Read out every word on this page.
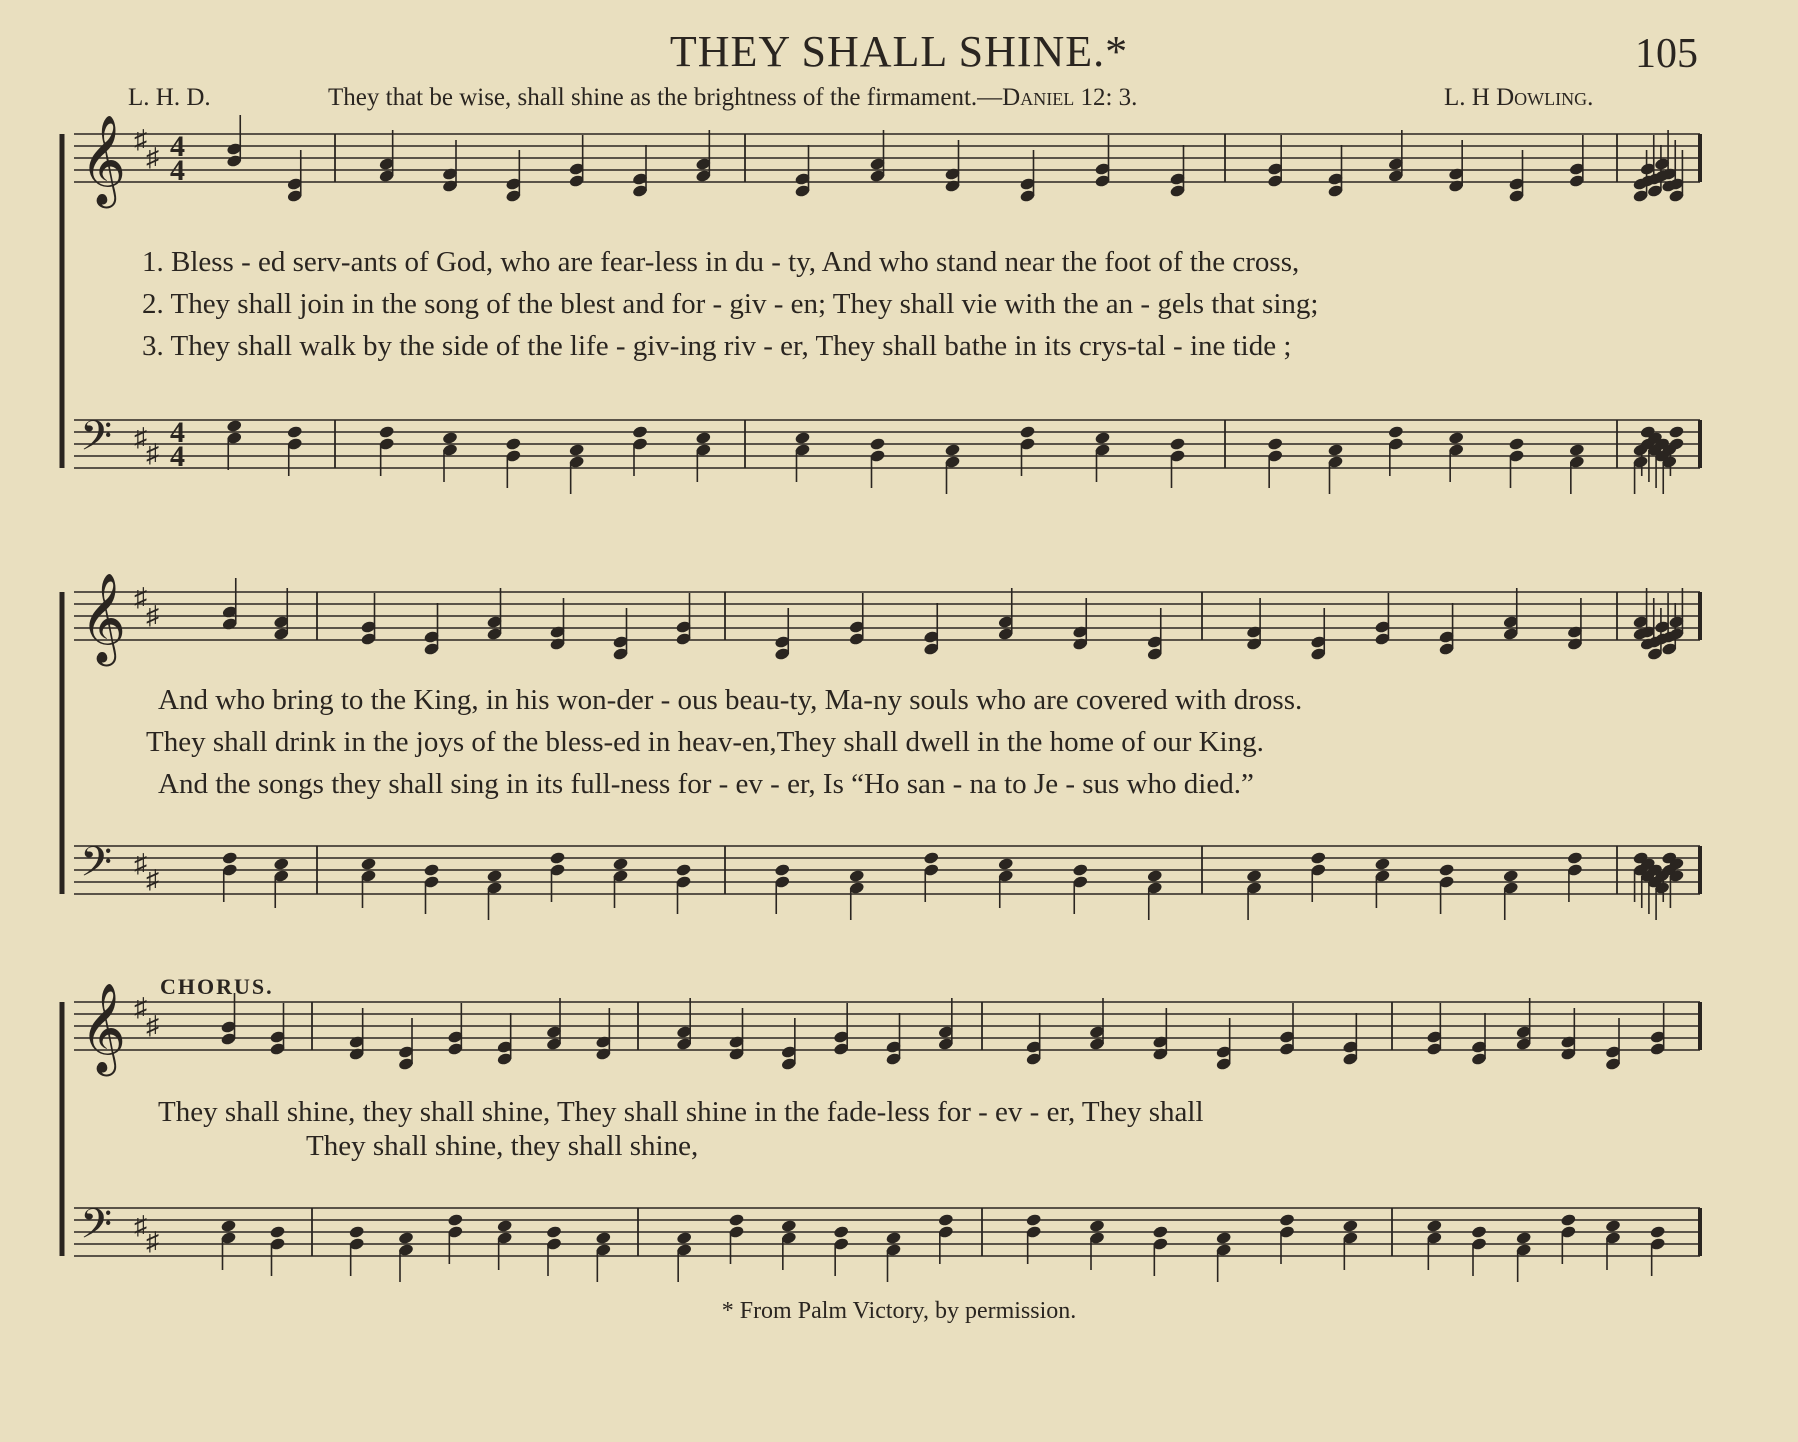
THEY SHALL SHINE.*	105
L. H. D.	They that be wise, shall shine as the brightness of the firmament.—Daniel 12: 3.	L. H Dowling.
𝄞 ♯
♯ 4
4
𝄢 ♯
♯
4
4
𝄞 ♯
♯
𝄢 ♯
♯
𝄞 ♯
♯
𝄢 ♯
♯
1. Bless - ed serv-ants of God, who are fear-less in du - ty, And who stand near the foot of the cross,
2. They shall join in the song of the blest and for - giv - en; They shall vie with the an - gels that sing;
3. They shall walk by the side of the life - giv-ing riv - er, They shall bathe in its crys-tal - ine tide ;
And who bring to the King, in his won-der - ous beau-ty, Ma-ny souls who are covered with dross.
They shall drink in the joys of the bless-ed in heav-en,They shall dwell in the home of our King.
And the songs they shall sing in its full-ness for - ev - er, Is “Ho san - na to Je - sus who died.”
CHORUS.
They shall shine, they shall shine, They shall shine in the fade-less for - ev - er, They shall
They shall shine, they shall shine,
* From Palm Victory, by permission.
